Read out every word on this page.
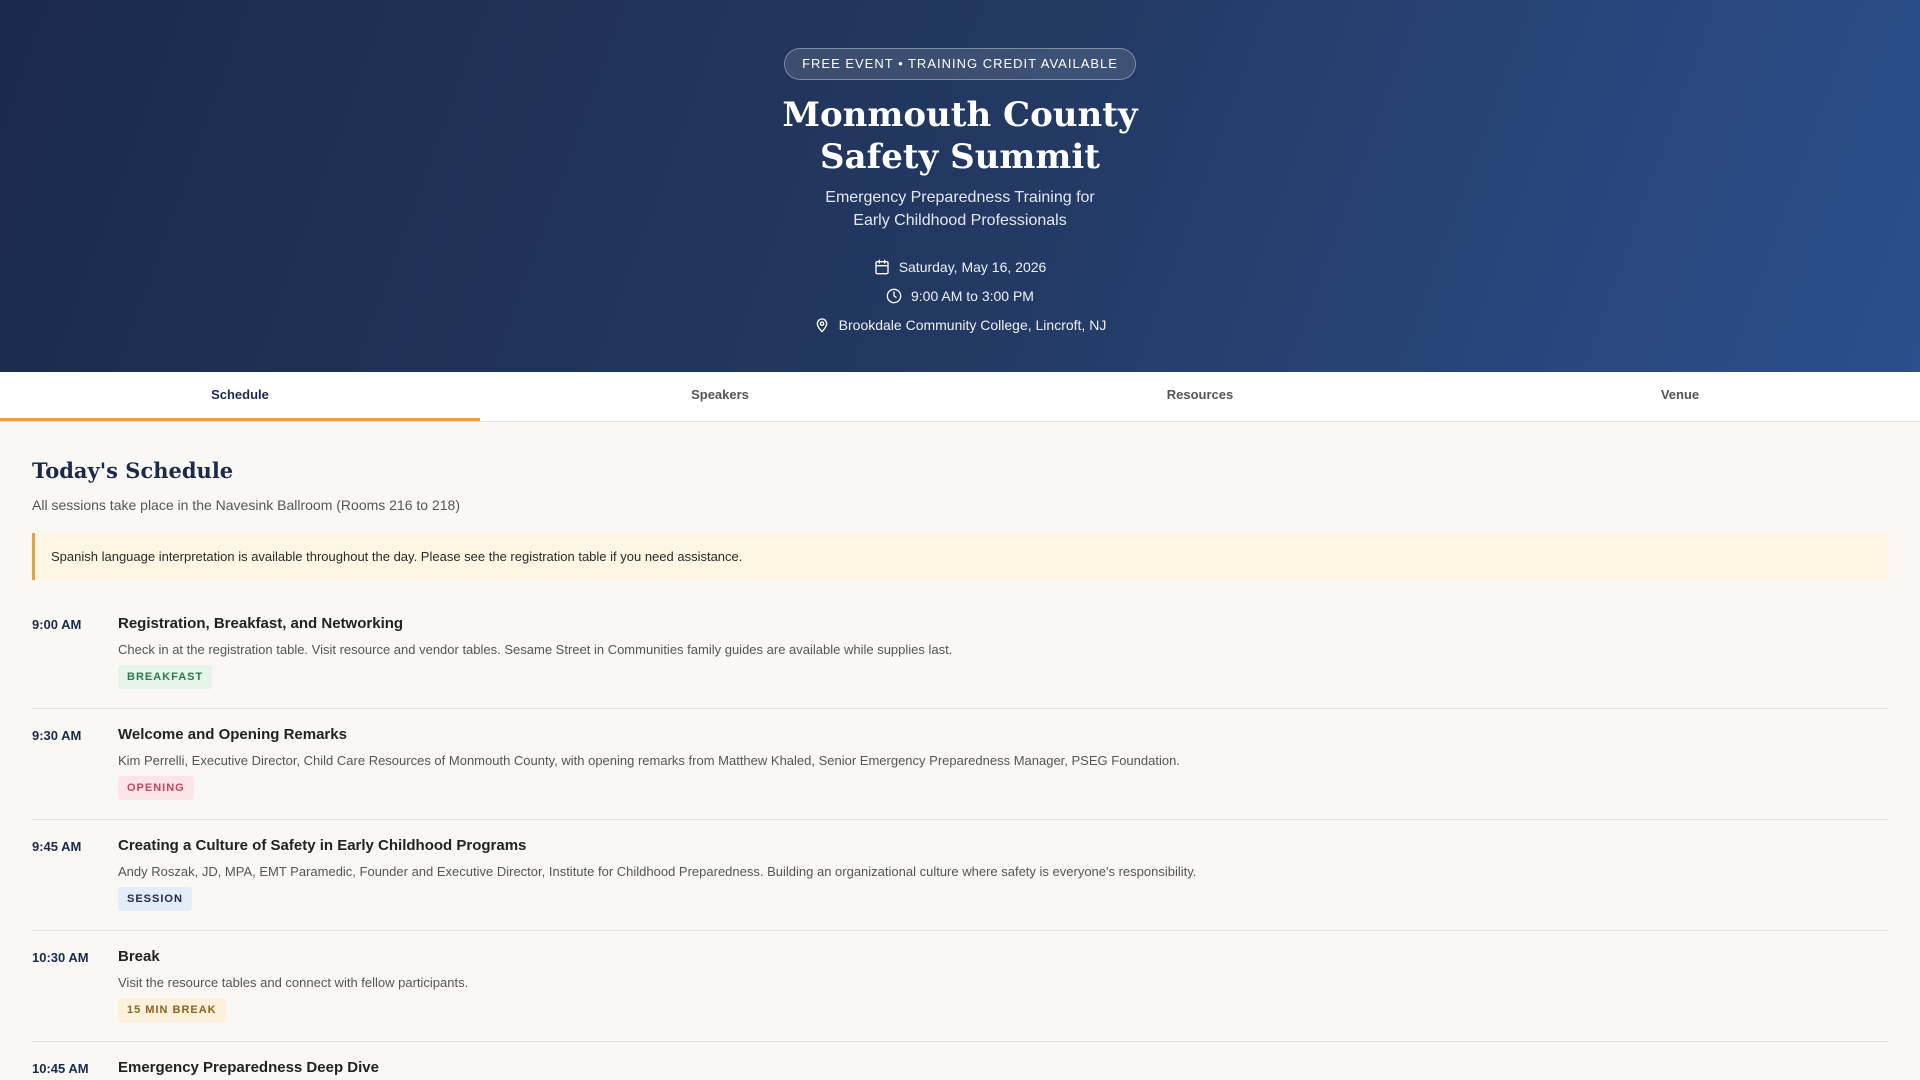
FREE EVENT • TRAINING CREDIT AVAILABLE
Monmouth County
Safety Summit
Emergency Preparedness Training for
Early Childhood Professionals
Saturday, May 16, 2026
9:00 AM to 3:00 PM
Brookdale Community College, Lincroft, NJ
Schedule	Speakers	Resources	Venue
Today's Schedule

All sessions take place in the Navesink Ballroom (Rooms 216 to 218)

Spanish language interpretation is available throughout the day. Please see the registration table if you need assistance.
9:00 AM	Registration, Breakfast, and Networking
Check in at the registration table. Visit resource and vendor tables. Sesame Street in Communities family guides are available while supplies last.
BREAKFAST
9:30 AM	Welcome and Opening Remarks
Kim Perrelli, Executive Director, Child Care Resources of Monmouth County, with opening remarks from Matthew Khaled, Senior Emergency Preparedness Manager, PSEG Foundation.
OPENING
9:45 AM	Creating a Culture of Safety in Early Childhood Programs
Andy Roszak, JD, MPA, EMT Paramedic, Founder and Executive Director, Institute for Childhood Preparedness. Building an organizational culture where safety is everyone's responsibility.
SESSION
10:30 AM	Break
Visit the resource tables and connect with fellow participants.
15 MIN BREAK
10:45 AM	Emergency Preparedness Deep Dive
